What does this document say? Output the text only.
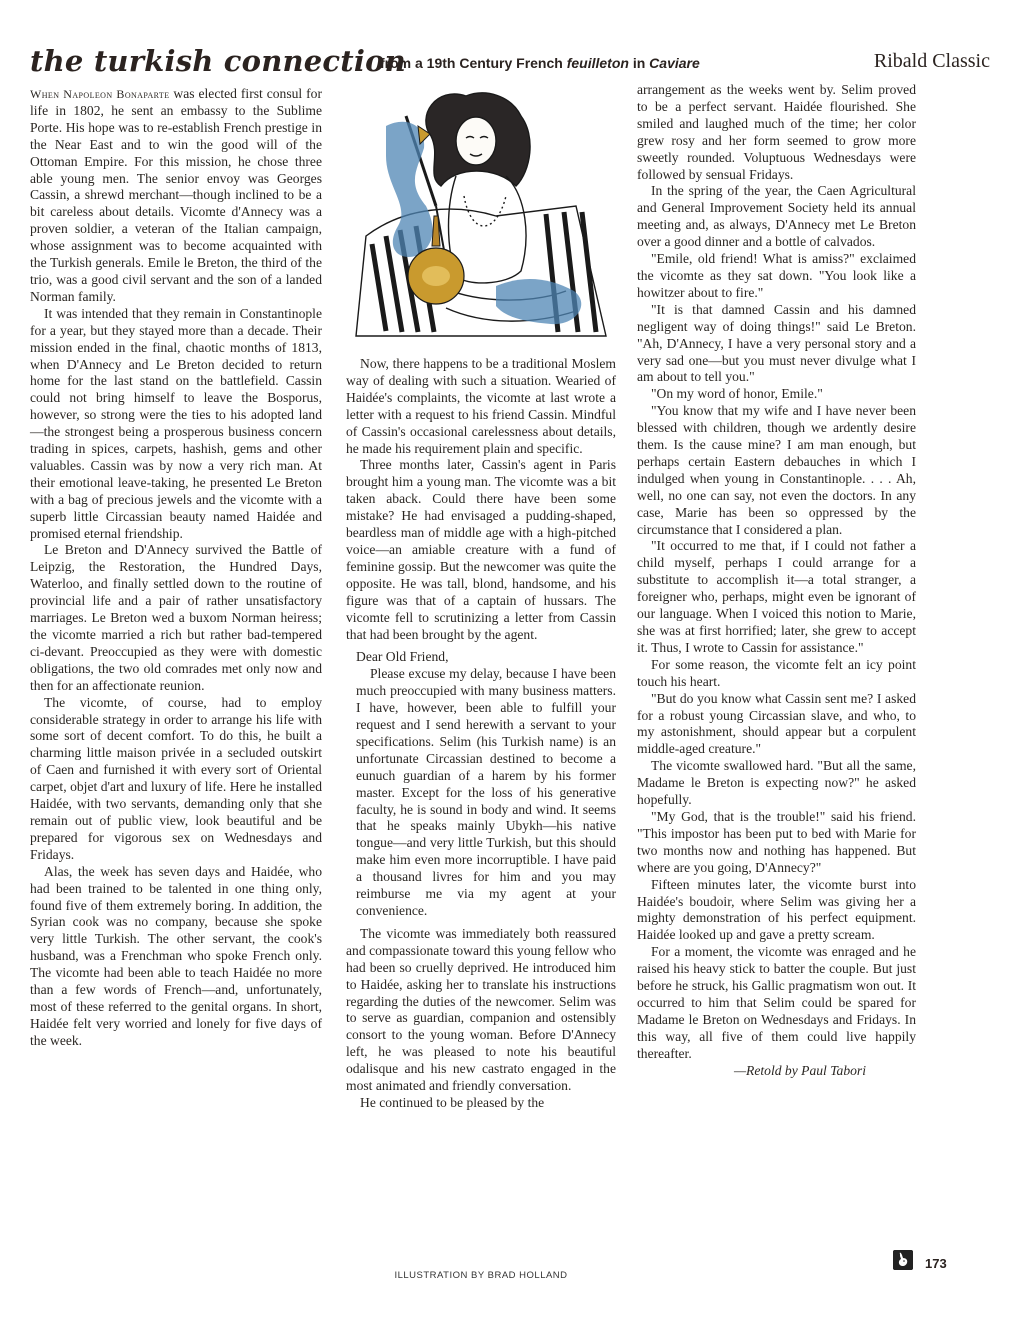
the turkish connection
from a 19th Century French feuilleton in Caviare	Ribald Classic

When Napoleon Bonaparte was elected first consul for life in 1802, he sent an embassy to the Sublime Porte. His hope was to re-establish French prestige in the Near East and to win the good will of the Ottoman Empire. For this mission, he chose three able young men. The senior envoy was Georges Cassin, a shrewd merchant—though inclined to be a bit careless about details. Vicomte d'Annecy was a proven soldier, a veteran of the Italian campaign, whose assignment was to become acquainted with the Turkish generals. Emile le Breton, the third of the trio, was a good civil servant and the son of a landed Norman family.

It was intended that they remain in Constantinople for a year, but they stayed more than a decade. Their mission ended in the final, chaotic months of 1813, when D'Annecy and Le Breton decided to return home for the last stand on the battlefield. Cassin could not bring himself to leave the Bosporus, however, so strong were the ties to his adopted land—the strongest being a prosperous business concern trading in spices, carpets, hashish, gems and other valuables. Cassin was by now a very rich man. At their emotional leave-taking, he presented Le Breton with a bag of precious jewels and the vicomte with a superb little Circassian beauty named Haidée and promised eternal friendship.

Le Breton and D'Annecy survived the Battle of Leipzig, the Restoration, the Hundred Days, Waterloo, and finally settled down to the routine of provincial life and a pair of rather unsatisfactory marriages. Le Breton wed a buxom Norman heiress; the vicomte married a rich but rather bad-tempered ci-devant. Preoccupied as they were with domestic obligations, the two old comrades met only now and then for an affectionate reunion.

The vicomte, of course, had to employ considerable strategy in order to arrange his life with some sort of decent comfort. To do this, he built a charming little maison privée in a secluded outskirt of Caen and furnished it with every sort of Oriental carpet, objet d'art and luxury of life. Here he installed Haidée, with two servants, demanding only that she remain out of public view, look beautiful and be prepared for vigorous sex on Wednesdays and Fridays.

Alas, the week has seven days and Haidée, who had been trained to be talented in one thing only, found five of them extremely boring. In addition, the Syrian cook was no company, because she spoke very little Turkish. The other servant, the cook's husband, was a Frenchman who spoke French only. The vicomte had been able to teach Haidée no more than a few words of French—and, unfortunately, most of these referred to the genital organs. In short, Haidée felt very worried and lonely for five days of the week.

Now, there happens to be a traditional Moslem way of dealing with such a situation. Wearied of Haidée's complaints, the vicomte at last wrote a letter with a request to his friend Cassin. Mindful of Cassin's occasional carelessness about details, he made his requirement plain and specific.

Three months later, Cassin's agent in Paris brought him a young man. The vicomte was a bit taken aback. Could there have been some mistake? He had envisaged a pudding-shaped, beardless man of middle age with a high-pitched voice—an amiable creature with a fund of feminine gossip. But the newcomer was quite the opposite. He was tall, blond, handsome, and his figure was that of a captain of hussars. The vicomte fell to scrutinizing a letter from Cassin that had been brought by the agent.

Dear Old Friend,

Please excuse my delay, because I have been much preoccupied with many business matters. I have, however, been able to fulfill your request and I send herewith a servant to your specifications. Selim (his Turkish name) is an unfortunate Circassian destined to become a eunuch guardian of a harem by his former master. Except for the loss of his generative faculty, he is sound in body and wind. It seems that he speaks mainly Ubykh—his native tongue—and very little Turkish, but this should make him even more incorruptible. I have paid a thousand livres for him and you may reimburse me via my agent at your convenience.

The vicomte was immediately both reassured and compassionate toward this young fellow who had been so cruelly deprived. He introduced him to Haidée, asking her to translate his instructions regarding the duties of the newcomer. Selim was to serve as guardian, companion and ostensibly consort to the young woman. Before D'Annecy left, he was pleased to note his beautiful odalisque and his new castrato engaged in the most animated and friendly conversation.

He continued to be pleased by the

ILLUSTRATION BY BRAD HOLLAND

arrangement as the weeks went by. Selim proved to be a perfect servant. Haidée flourished. She smiled and laughed much of the time; her color grew rosy and her form seemed to grow more sweetly rounded. Voluptuous Wednesdays were followed by sensual Fridays.

In the spring of the year, the Caen Agricultural and General Improvement Society held its annual meeting and, as always, D'Annecy met Le Breton over a good dinner and a bottle of calvados.

"Emile, old friend! What is amiss?" exclaimed the vicomte as they sat down. "You look like a howitzer about to fire."

"It is that damned Cassin and his damned negligent way of doing things!" said Le Breton. "Ah, D'Annecy, I have a very personal story and a very sad one—but you must never divulge what I am about to tell you."

"On my word of honor, Emile."

"You know that my wife and I have never been blessed with children, though we ardently desire them. Is the cause mine? I am man enough, but perhaps certain Eastern debauches in which I indulged when young in Constantinople. . . . Ah, well, no one can say, not even the doctors. In any case, Marie has been so oppressed by the circumstance that I considered a plan.

"It occurred to me that, if I could not father a child myself, perhaps I could arrange for a substitute to accomplish it—a total stranger, a foreigner who, perhaps, might even be ignorant of our language. When I voiced this notion to Marie, she was at first horrified; later, she grew to accept it. Thus, I wrote to Cassin for assistance."

For some reason, the vicomte felt an icy point touch his heart.

"But do you know what Cassin sent me? I asked for a robust young Circassian slave, and who, to my astonishment, should appear but a corpulent middle-aged creature."

The vicomte swallowed hard. "But all the same, Madame le Breton is expecting now?" he asked hopefully.

"My God, that is the trouble!" said his friend. "This impostor has been put to bed with Marie for two months now and nothing has happened. But where are you going, D'Annecy?"

Fifteen minutes later, the vicomte burst into Haidée's boudoir, where Selim was giving her a mighty demonstration of his perfect equipment. Haidée looked up and gave a pretty scream.

For a moment, the vicomte was enraged and he raised his heavy stick to batter the couple. But just before he struck, his Gallic pragmatism won out. It occurred to him that Selim could be spared for Madame le Breton on Wednesdays and Fridays. In this way, all five of them could live happily thereafter.

—Retold by Paul Tabori

173
